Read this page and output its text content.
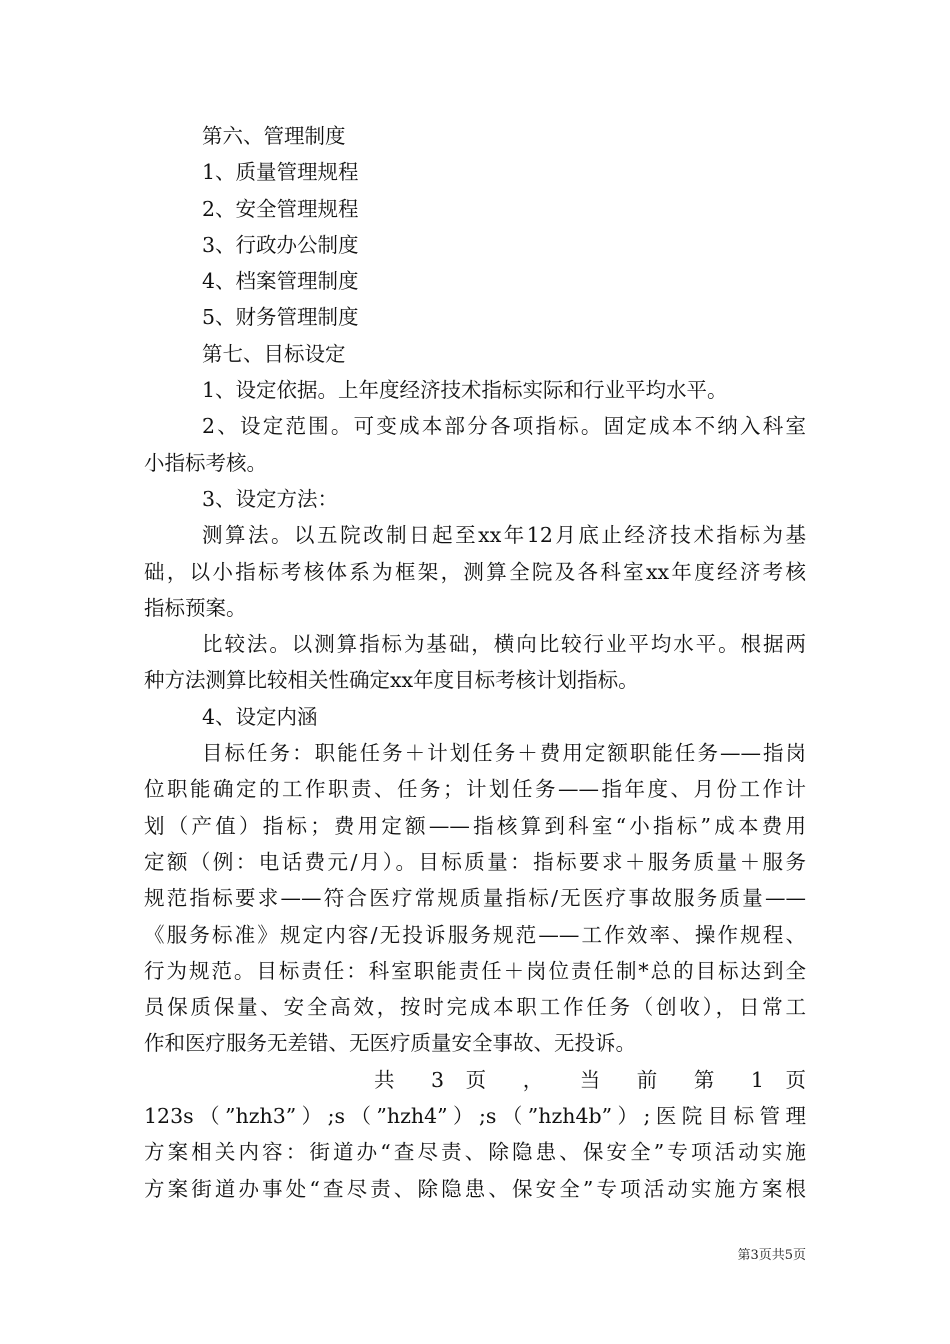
第六、管理制度
1、质量管理规程
2、安全管理规程
3、行政办公制度
4、档案管理制度
5、财务管理制度
第七、目标设定
1、设定依据。上年度经济技术指标实际和行业平均水平。
2、设定范围。可变成本部分各项指标。固定成本不纳入科室
小指标考核。
3、设定方法：
测算法。以五院改制日起至xx年12月底止经济技术指标为基
础，以小指标考核体系为框架，测算全院及各科室xx年度经济考核
指标预案。
比较法。以测算指标为基础，横向比较行业平均水平。根据两
种方法测算比较相关性确定xx年度目标考核计划指标。
4、设定内涵
目标任务：职能任务＋计划任务＋费用定额职能任务——指岗
位职能确定的工作职责、任务；计划任务——指年度、月份工作计
划（产值）指标；费用定额——指核算到科室“小指标”成本费用
定额（例：电话费元/月）。目标质量：指标要求＋服务质量＋服务
规范指标要求——符合医疗常规质量指标/无医疗事故服务质量——
《服务标准》规定内容/无投诉服务规范——工作效率、操作规程、
行为规范。目标责任：科室职能责任＋岗位责任制*总的目标达到全
员保质保量、安全高效，按时完成本职工作任务（创收），日常工
作和医疗服务无差错、无医疗质量安全事故、无投诉。
共 3 页 ， 当 前 第 1 页
123s（”hzh3”）;s（”hzh4”）;s（”hzh4b”）;医院目标管理
方案相关内容：街道办“查尽责、除隐患、保安全”专项活动实施
方案街道办事处“查尽责、除隐患、保安全”专项活动实施方案根
第3页共5页
